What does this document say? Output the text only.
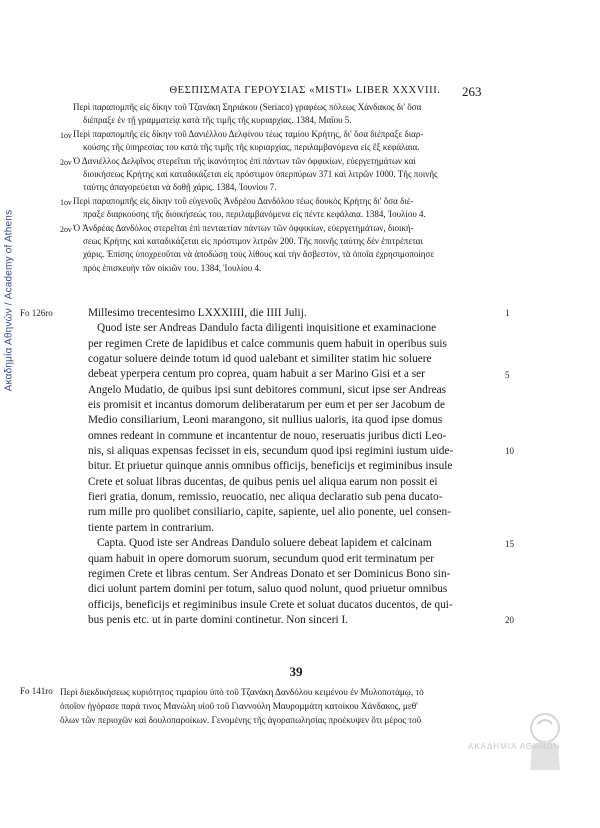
Ακαδημία Αθηνών / Academy of Athens
ΘΕΣΠΙΣΜΑΤΑ ΓΕΡΟΥΣΙΑΣ «MISTI» LIBER XXXVIII.	263
Περὶ παραπομπῆς εἰς δίκην τοῦ Τζανάκη Σηριάκου (Seriaco) γραφέως πόλεως Χάνδακος δι' ὅσα
διέπραξε ἐν τῇ γραμματείᾳ κατὰ τῆς τιμῆς τῆς κυριαρχίας. 1384, Μαΐου 5.
1ον Περὶ παραπομπῆς εἰς δίκην τοῦ Δανιέλλου Δελφίνου τέως ταμίου Κρήτης, δι' ὅσα διέπραξε διαρ-
κούσης τῆς ὑπηρεσίας του κατὰ τῆς τιμῆς τῆς κυριαρχίας, περιλαμβανόμενα εἰς ἓξ κεφάλαια.
2ον Ὁ Δανιέλλος Δελφῖνος στερεῖται τῆς ἱκανότητος ἐπὶ πάντων τῶν ὀφφικίων, εὐεργετημάτων καὶ
διοικήσεως Κρήτης καὶ καταδικάζεται εἰς πρόστιμον ὑπερπύρων 371 καὶ λιτρῶν 1000. Τῆς ποινῆς
ταύτης ἀπαγορεύεται νὰ δοθῇ χάρις. 1384, Ἰουνίου 7.
1ον Περὶ παραπομπῆς εἰς δίκην τοῦ εὐγενοῦς Ἀνδρέου Δανδόλου τέως δουκὸς Κρήτης δι' ὅσα διέ-
πραξε διαρκούσης τῆς διοικήσεώς του, περιλαμβανόμενα εἰς πέντε κεφάλαια. 1384, Ἰουλίου 4.
2ον Ὁ Ἀνδρέας Δανδόλος στερεῖται ἐπὶ πενταετίαν πάντων τῶν ὀφφικίων, εὐεργετημάτων, διοική-
σεως Κρήτης καὶ καταδικάζεται εἰς πρόστιμον λιτρῶν 200. Τῆς ποινῆς ταύτης δὲν ἐπιτρέπεται
χάρις. Ἐπίσης ὑποχρεοῦται νὰ ἀποδώσῃ τοὺς λίθους καὶ τὴν ἄσβεστον, τὰ ὁποῖα ἐχρησιμοποίησε
πρὸς ἐπισκευὴν τῶν οἰκιῶν του. 1384, Ἰουλίου 4.
Fo 126ro	Millesimo trecentesimo LXXXIIII, die IIII Julij.

Quod iste ser Andreas Dandulo facta diligenti inquisitione et examinacione
per regimen Crete de lapidibus et calce communis quem habuit in operibus suis
cogatur soluere deinde totum id quod ualebant et similiter statim hic soluere
debeat yperpera centum pro coprea, quam habuit a ser Marino Gisi et a ser
Angelo Mudatio, de quibus ipsi sunt debitores communi, sicut ipse ser Andreas
eis promisit et incantus domorum deliberatarum per eum et per ser Jacobum de
Medio consiliarium, Leoni marangono, sit nullius ualoris, ita quod ipse domus
omnes redeant in commune et incantentur de nouo, reseruatis juribus dicti Leo-
nis, si aliquas expensas fecisset in eis, secundum quod ipsi regimini iustum uide-
bitur. Et priuetur quinque annis omnibus officijs, beneficijs et regiminibus insule
Crete et soluat libras ducentas, de quibus penis uel aliqua earum non possit ei
fieri gratia, donum, remissio, reuocatio, nec aliqua declaratio sub pena ducato-
rum mille pro quolibet consiliario, capite, sapiente, uel alio ponente, uel consen-
tiente partem in contrarium.
Capta. Quod iste ser Andreas Dandulo soluere debeat lapidem et calcinam
quam habuit in opere domorum suorum, secundum quod erit terminatum per
regimen Crete et libras centum. Ser Andreas Donato et ser Dominicus Bono sin-
dici uolunt partem domini per totum, saluo quod nolunt, quod priuetur omnibus
officijs, beneficijs et regiminibus insule Crete et soluat ducatos ducentos, de qui-
bus penis etc. ut in parte domini continetur. Non sinceri I.
1
5
10
15
20
39
Fo 141ro Περὶ διεκδικήσεως κυριότητος τιμαρίου ὑπὸ τοῦ Τζανάκη Δανδόλου κειμένου ἐν Μυλοποτάμῳ, τὸ
ὁποῖον ἠγόρασε παρά τινος Μανώλη υἱοῦ τοῦ Γιαννούλη Μαυρομμάτη κατοίκου Χάνδακος, μεθ'
ὅλων τῶν περιοχῶν καὶ δουλοπαροίκων. Γενομένης τῆς ἀγοραπωλησίας προέκυψεν ὅτι μέρος τοῦ
ΑΚΑΔΗΜΙΑ ΑΘΗΝΩΝ
